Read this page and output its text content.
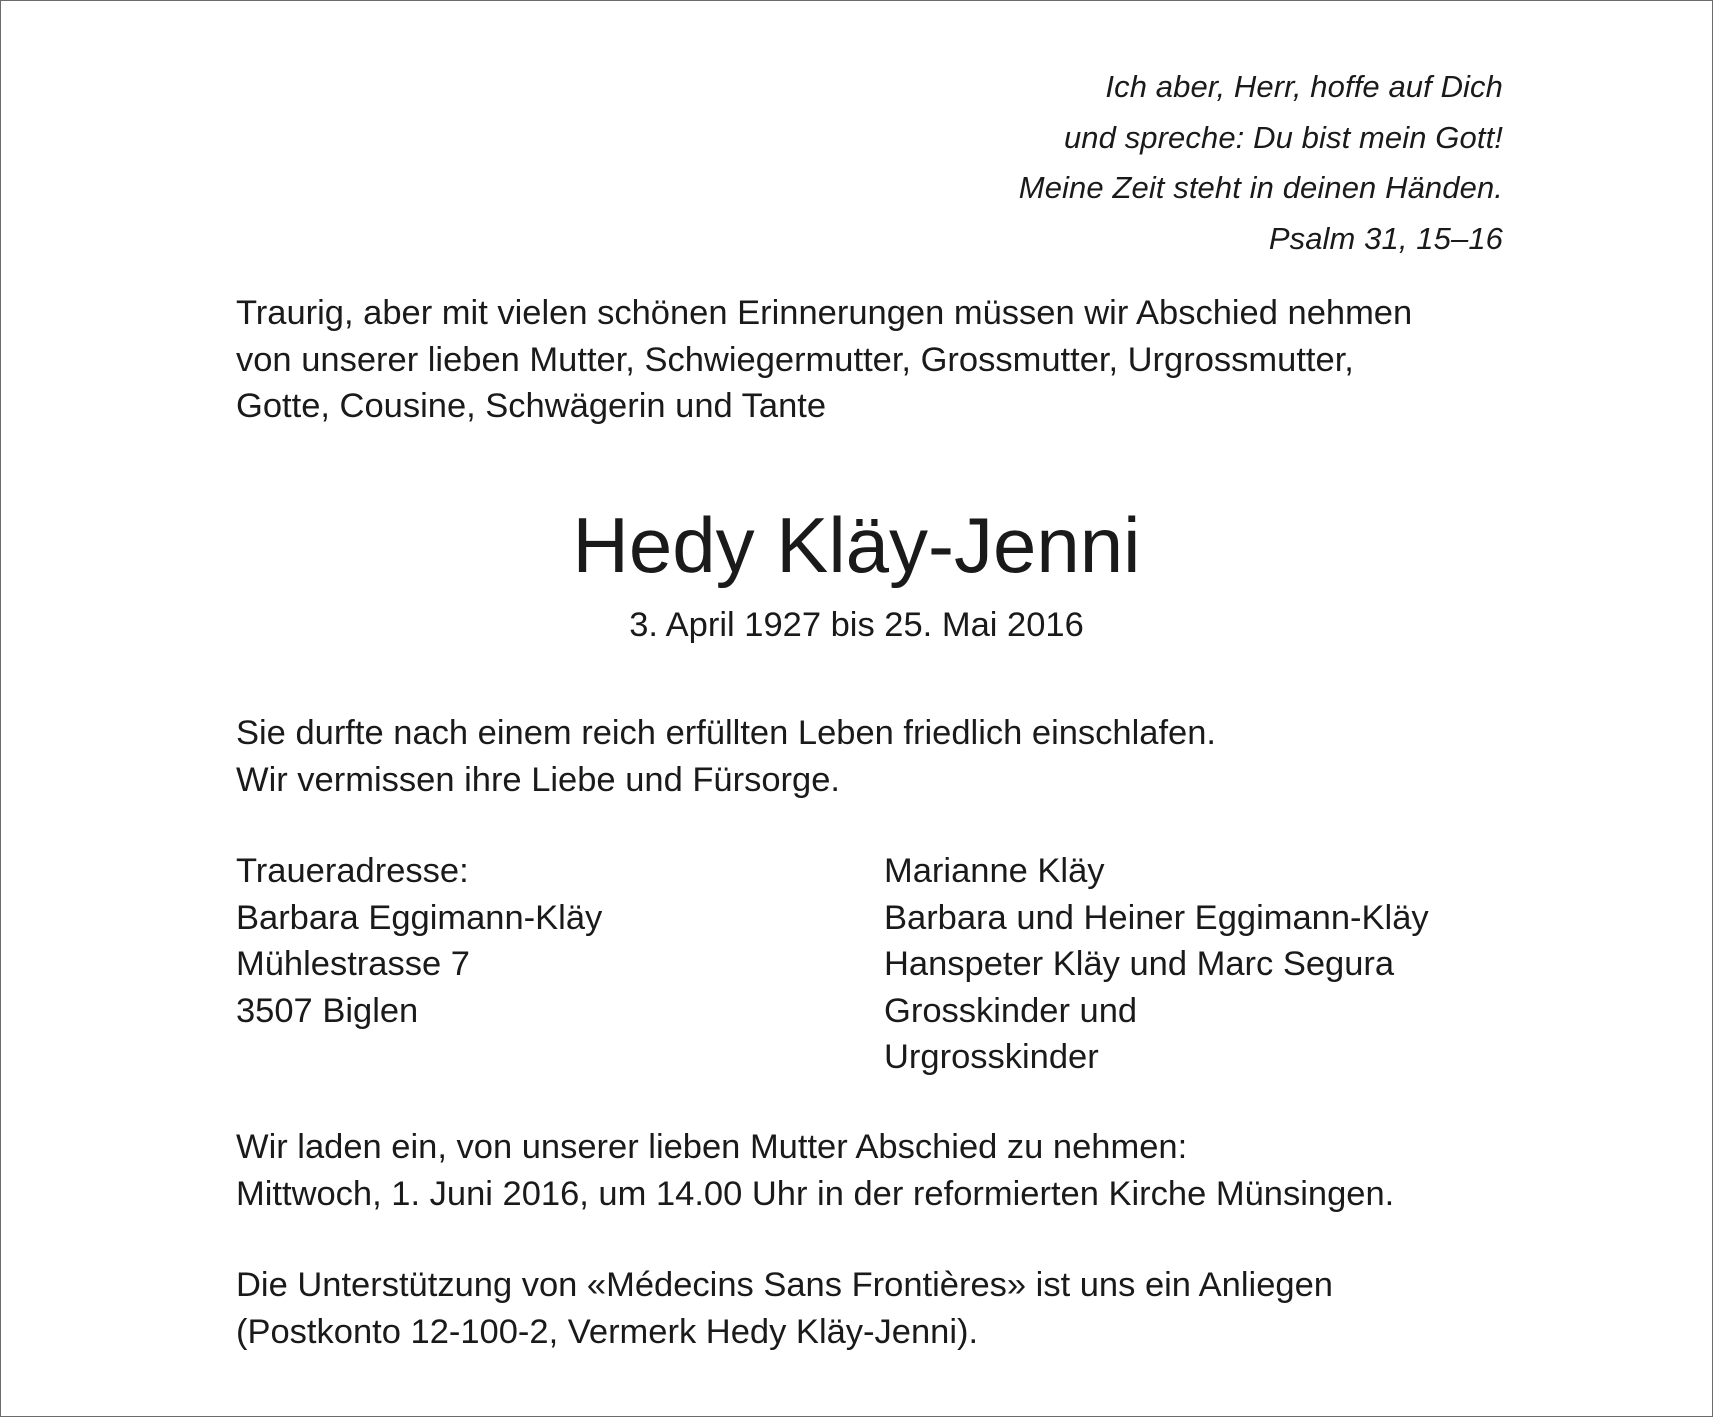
Ich aber, Herr, hoffe auf Dich
und spreche: Du bist mein Gott!
Meine Zeit steht in deinen Händen.
Psalm 31, 15–16
Traurig, aber mit vielen schönen Erinnerungen müssen wir Abschied nehmen
von unserer lieben Mutter, Schwiegermutter, Grossmutter, Urgrossmutter,
Gotte, Cousine, Schwägerin und Tante
Hedy Kläy-Jenni
3. April 1927 bis 25. Mai 2016
Sie durfte nach einem reich erfüllten Leben friedlich einschlafen.
Wir vermissen ihre Liebe und Fürsorge.
Traueradresse:
Barbara Eggimann-Kläy
Mühlestrasse 7
3507 Biglen
Marianne Kläy
Barbara und Heiner Eggimann-Kläy
Hanspeter Kläy und Marc Segura
Grosskinder und
Urgrosskinder
Wir laden ein, von unserer lieben Mutter Abschied zu nehmen:
Mittwoch, 1. Juni 2016, um 14.00 Uhr in der reformierten Kirche Münsingen.
Die Unterstützung von «Médecins Sans Frontières» ist uns ein Anliegen
(Postkonto 12-100-2, Vermerk Hedy Kläy-Jenni).
